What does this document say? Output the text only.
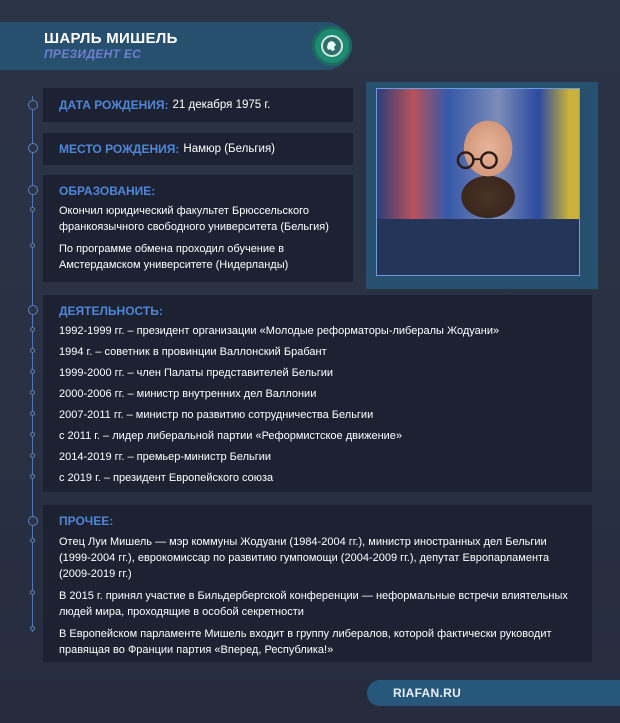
ШАРЛЬ МИШЕЛЬ
ПРЕЗИДЕНТ ЕС
ДАТА РОЖДЕНИЯ: 21 декабря 1975 г.
МЕСТО РОЖДЕНИЯ: Намюр (Бельгия)
ОБРАЗОВАНИЕ:
Окончил юридический факультет Брюссельского франкоязычного свободного университета (Бельгия)
По программе обмена проходил обучение в Амстердамском университете (Нидерланды)
ДЕЯТЕЛЬНОСТЬ:
1992-1999 гг. – президент организации «Молодые реформаторы-либералы Жодуани»
1994 г. – советник в провинции Валлонский Брабант
1999-2000 гг. – член Палаты представителей Бельгии
2000-2006 гг. – министр внутренних дел Валлонии
2007-2011 гг. – министр по развитию сотрудничества Бельгии
с 2011 г. – лидер либеральной партии «Реформистское движение»
2014-2019 гг. – премьер-министр Бельгии
с 2019 г. – президент Европейского союза
ПРОЧЕЕ:
Отец Луи Мишель — мэр коммуны Жодуани (1984-2004 гг.), министр иностранных дел Бельгии (1999-2004 гг.), еврокомиссар по развитию гумпомощи (2004-2009 гг.), депутат Европарламента (2009-2019 гг.)
В 2015 г. принял участие в Бильдербергской конференции — неформальные встречи влиятельных людей мира, проходящие в особой секретности
В Европейском парламенте Мишель входит в группу либералов, которой фактически руководит правящая во Франции партия «Вперед, Республика!»
RIAFAN.RU
